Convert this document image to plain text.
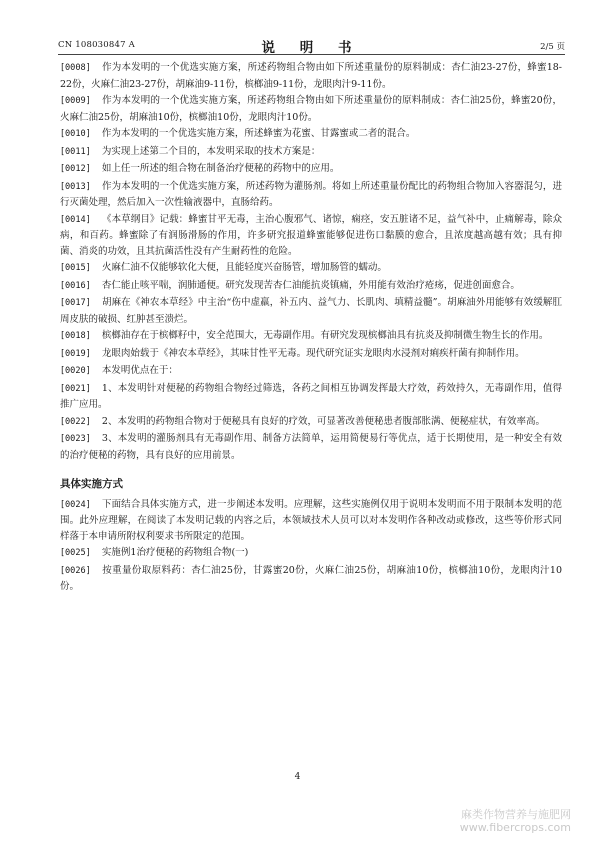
CN 108030847 A	说 明 书	2/5 页
[0008] 作为本发明的一个优选实施方案，所述药物组合物由如下所述重量份的原料制成：杏仁油23-27份，蜂蜜18-22份，火麻仁油23-27份，胡麻油9-11份，槟榔油9-11份，龙眼肉汁9-11份。
[0009] 作为本发明的一个优选实施方案，所述药物组合物由如下所述重量份的原料制成：杏仁油25份，蜂蜜20份，火麻仁油25份，胡麻油10份，槟榔油10份，龙眼肉汁10份。
[0010] 作为本发明的一个优选实施方案，所述蜂蜜为花蜜、甘露蜜或二者的混合。
[0011] 为实现上述第二个目的，本发明采取的技术方案是：
[0012] 如上任一所述的组合物在制备治疗便秘的药物中的应用。
[0013] 作为本发明的一个优选实施方案，所述药物为灌肠剂。将如上所述重量份配比的药物组合物加入容器混匀，进行灭菌处理，然后加入一次性输液器中，直肠给药。
[0014] 《本草纲目》记载：蜂蜜甘平无毒，主治心腹邪气、诸惊，痫痉，安五脏诸不足，益气补中，止痛解毒，除众病，和百药。蜂蜜除了有润肠滑肠的作用，许多研究报道蜂蜜能够促进伤口黏膜的愈合，且浓度越高越有效；具有抑菌、消炎的功效，且其抗菌活性没有产生耐药性的危险。
[0015] 火麻仁油不仅能够软化大便，且能轻度兴奋肠管，增加肠管的蠕动。
[0016] 杏仁能止咳平喘，润肺通便。研究发现苦杏仁油能抗炎镇痛，外用能有效治疗疮疡，促进创面愈合。
[0017] 胡麻在《神农本草经》中主治“伤中虚羸，补五内、益气力、长肌肉、填精益髓”。胡麻油外用能够有效缓解肛周皮肤的破损、红肿甚至溃烂。
[0018] 槟榔油存在于槟榔籽中，安全范围大，无毒副作用。有研究发现槟榔油具有抗炎及抑制微生物生长的作用。
[0019] 龙眼肉始载于《神农本草经》，其味甘性平无毒。现代研究证实龙眼肉水浸剂对痢疾杆菌有抑制作用。
[0020] 本发明优点在于：
[0021] 1、本发明针对便秘的药物组合物经过筛选，各药之间相互协调发挥最大疗效，药效持久，无毒副作用，值得推广应用。
[0022] 2、本发明的药物组合物对于便秘具有良好的疗效，可显著改善便秘患者腹部胀满、便秘症状，有效率高。
[0023] 3、本发明的灌肠剂具有无毒副作用、制备方法简单，运用简便易行等优点，适于长期使用，是一种安全有效的治疗便秘的药物，具有良好的应用前景。
具体实施方式
[0024] 下面结合具体实施方式，进一步阐述本发明。应理解，这些实施例仅用于说明本发明而不用于限制本发明的范围。此外应理解，在阅读了本发明记载的内容之后，本领域技术人员可以对本发明作各种改动或修改，这些等价形式同样落于本申请所附权利要求书所限定的范围。
[0025] 实施例1治疗便秘的药物组合物(一)
[0026] 按重量份取原料药：杏仁油25份，甘露蜜20份，火麻仁油25份，胡麻油10份，槟榔油10份，龙眼肉汁10份。
4
麻类作物营养与施肥网
www.fibercrops.com
